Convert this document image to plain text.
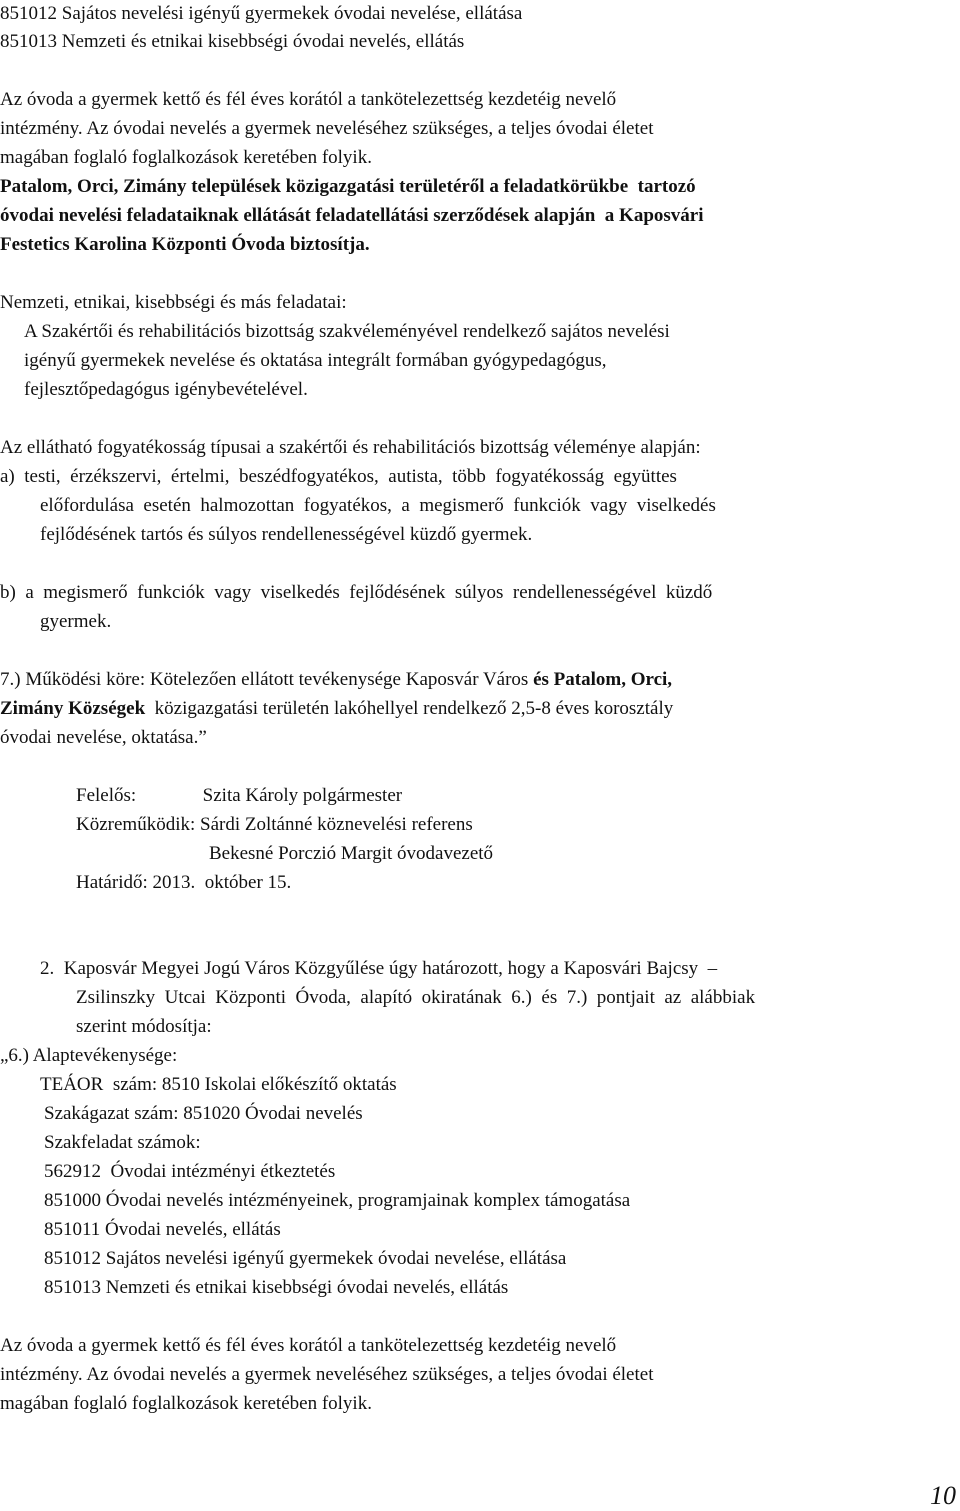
851012 Sajátos nevelési igényű gyermekek óvodai nevelése, ellátása
851013 Nemzeti és etnikai kisebbségi óvodai nevelés, ellátás
Az óvoda a gyermek kettő és fél éves korától a tankötelezettség kezdetéig nevelő
intézmény. Az óvodai nevelés a gyermek neveléséhez szükséges, a teljes óvodai életet
magában foglaló foglalkozások keretében folyik.
Patalom, Orci, Zimány települések közigazgatási területéről a feladatkörükbe  tartozó
óvodai nevelési feladataiknak ellátását feladatellátási szerződések alapján  a Kaposvári
Festetics Karolina Központi Óvoda biztosítja.
Nemzeti, etnikai, kisebbségi és más feladatai:
A Szakértői és rehabilitációs bizottság szakvéleményével rendelkező sajátos nevelési
igényű gyermekek nevelése és oktatása integrált formában gyógypedagógus,
fejlesztőpedagógus igénybevételével.
Az ellátható fogyatékosság típusai a szakértői és rehabilitációs bizottság véleménye alapján:
a)  testi,  érzékszervi,  értelmi,  beszédfogyatékos,  autista,  több  fogyatékosság  együttes
előfordulása  esetén  halmozottan  fogyatékos,  a  megismerő  funkciók  vagy  viselkedés
fejlődésének tartós és súlyos rendellenességével küzdő gyermek.
b)  a  megismerő  funkciók  vagy  viselkedés  fejlődésének  súlyos  rendellenességével  küzdő
gyermek.
7.) Működési köre: Kötelezően ellátott tevékenysége Kaposvár Város és Patalom, Orci,
Zimány Községek  közigazgatási területén lakóhellyel rendelkező 2,5-8 éves korosztály
óvodai nevelése, oktatása.”
Felelős:              Szita Károly polgármester
Közreműködik: Sárdi Zoltánné köznevelési referens
Bekesné Porczió Margit óvodavezető
Határidő: 2013.  október 15.
2.  Kaposvár Megyei Jogú Város Közgyűlése úgy határozott, hogy a Kaposvári Bajcsy  –
Zsilinszky  Utcai  Központi  Óvoda,  alapító  okiratának  6.)  és  7.)  pontjait  az  alábbiak
szerint módosítja:
„6.) Alaptevékenysége:
TEÁOR  szám: 8510 Iskolai előkészítő oktatás
Szakágazat szám: 851020 Óvodai nevelés
Szakfeladat számok:
562912  Óvodai intézményi étkeztetés
851000 Óvodai nevelés intézményeinek, programjainak komplex támogatása
851011 Óvodai nevelés, ellátás
851012 Sajátos nevelési igényű gyermekek óvodai nevelése, ellátása
851013 Nemzeti és etnikai kisebbségi óvodai nevelés, ellátás
Az óvoda a gyermek kettő és fél éves korától a tankötelezettség kezdetéig nevelő
intézmény. Az óvodai nevelés a gyermek neveléséhez szükséges, a teljes óvodai életet
magában foglaló foglalkozások keretében folyik.
10
